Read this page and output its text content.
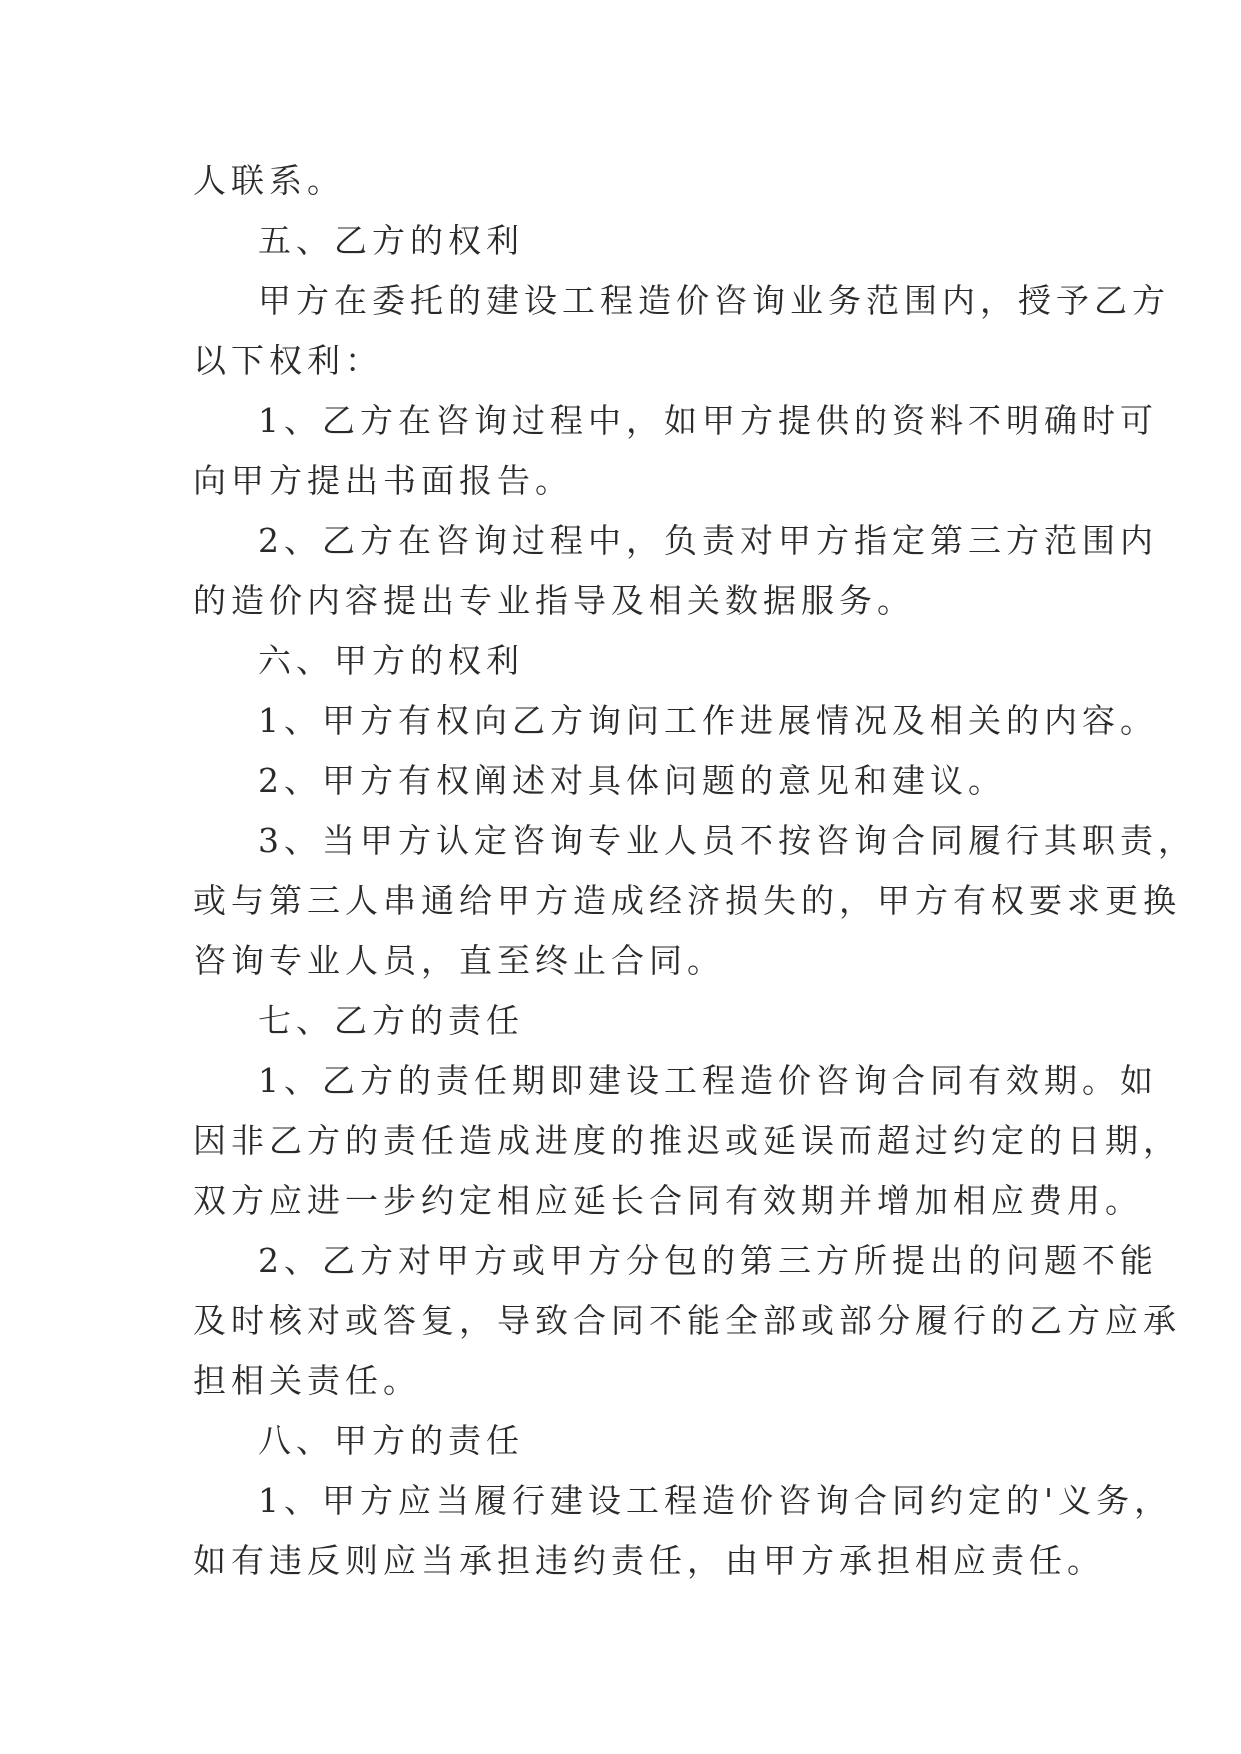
人联系。

五、乙方的权利

甲方在委托的建设工程造价咨询业务范围内，授予乙方

以下权利：

1、乙方在咨询过程中，如甲方提供的资料不明确时可

向甲方提出书面报告。

2、乙方在咨询过程中，负责对甲方指定第三方范围内

的造价内容提出专业指导及相关数据服务。

六、甲方的权利

1、甲方有权向乙方询问工作进展情况及相关的内容。

2、甲方有权阐述对具体问题的意见和建议。

3、当甲方认定咨询专业人员不按咨询合同履行其职责，

或与第三人串通给甲方造成经济损失的，甲方有权要求更换

咨询专业人员，直至终止合同。

七、乙方的责任

1、乙方的责任期即建设工程造价咨询合同有效期。如

因非乙方的责任造成进度的推迟或延误而超过约定的日期，

双方应进一步约定相应延长合同有效期并增加相应费用。

2、乙方对甲方或甲方分包的第三方所提出的问题不能

及时核对或答复，导致合同不能全部或部分履行的乙方应承

担相关责任。

八、甲方的责任

1、甲方应当履行建设工程造价咨询合同约定的'义务，

如有违反则应当承担违约责任，由甲方承担相应责任。
